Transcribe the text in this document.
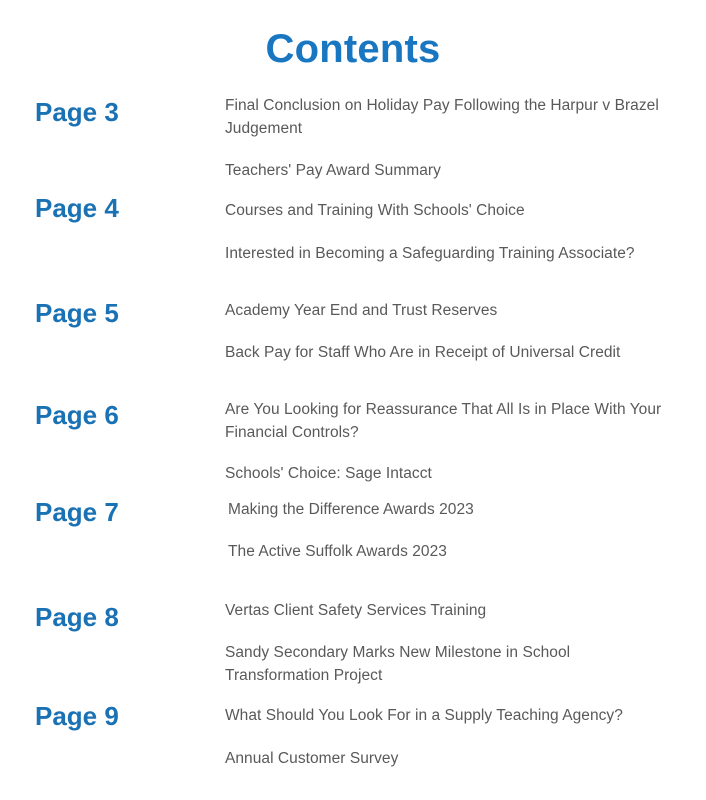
Contents
Page 3	Final Conclusion on Holiday Pay Following the Harpur v Brazel Judgement
Teachers' Pay Award Summary
Page 4	Courses and Training With Schools' Choice
Interested in Becoming a Safeguarding Training Associate?
Page 5	Academy Year End and Trust Reserves
Back Pay for Staff Who Are in Receipt of Universal Credit
Page 6	Are You Looking for Reassurance That All Is in Place With Your Financial Controls?
Schools' Choice: Sage Intacct
Page 7	Making the Difference Awards 2023
The Active Suffolk Awards 2023
Page 8	Vertas Client Safety Services Training
Sandy Secondary Marks New Milestone in School Transformation Project
Page 9	What Should You Look For in a Supply Teaching Agency?
Annual Customer Survey
